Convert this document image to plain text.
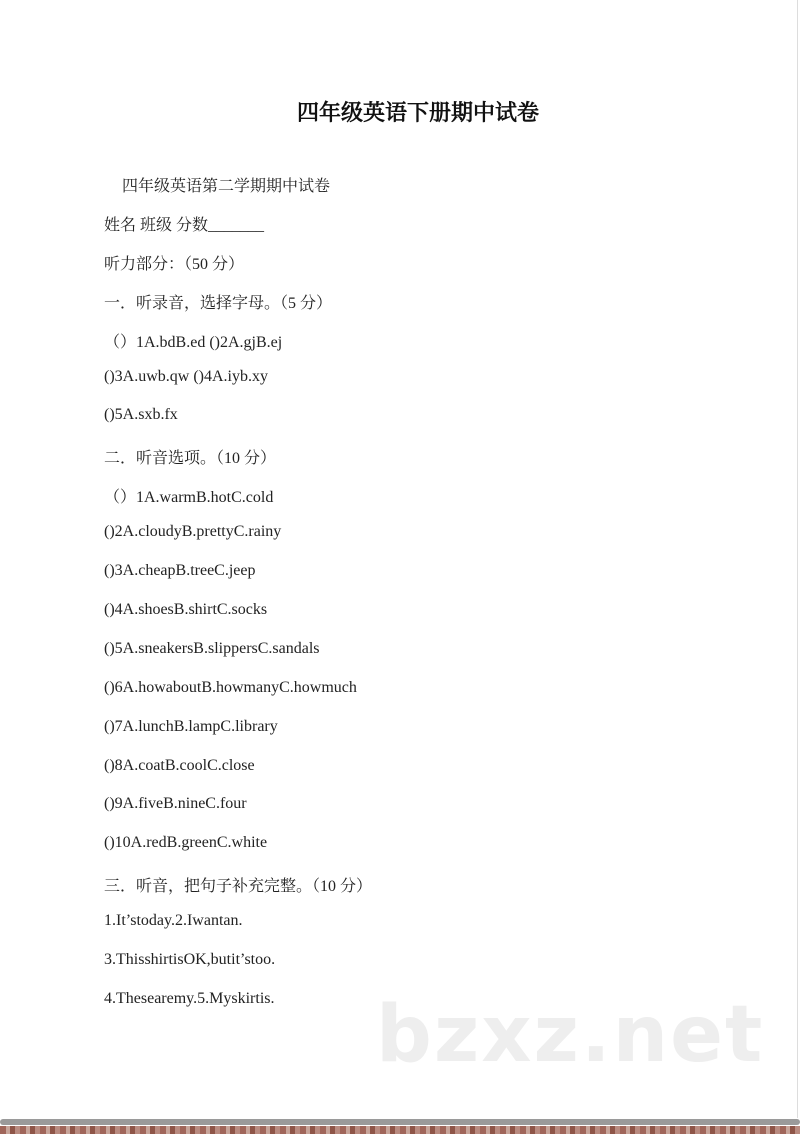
四年级英语下册期中试卷
四年级英语第二学期期中试卷
姓名 班级 分数_______
听力部分：（50 分）
一．听录音，选择字母。（5 分）
（）1A.bdB.ed ()2A.gjB.ej
()3A.uwb.qw ()4A.iyb.xy
()5A.sxb.fx
二．听音选项。（10 分）
（）1A.warmB.hotC.cold
()2A.cloudyB.prettyC.rainy
()3A.cheapB.treeC.jeep
()4A.shoesB.shirtC.socks
()5A.sneakersB.slippersC.sandals
()6A.howaboutB.howmanyC.howmuch
()7A.lunchB.lampC.library
()8A.coatB.coolC.close
()9A.fiveB.nineC.four
()10A.redB.greenC.white
三．听音，把句子补充完整。（10 分）
1.It’stoday.2.Iwantan.
3.ThisshirtisOK,butit’stoo.
4.Thesearemy.5.Myskirtis. bzxz.net
